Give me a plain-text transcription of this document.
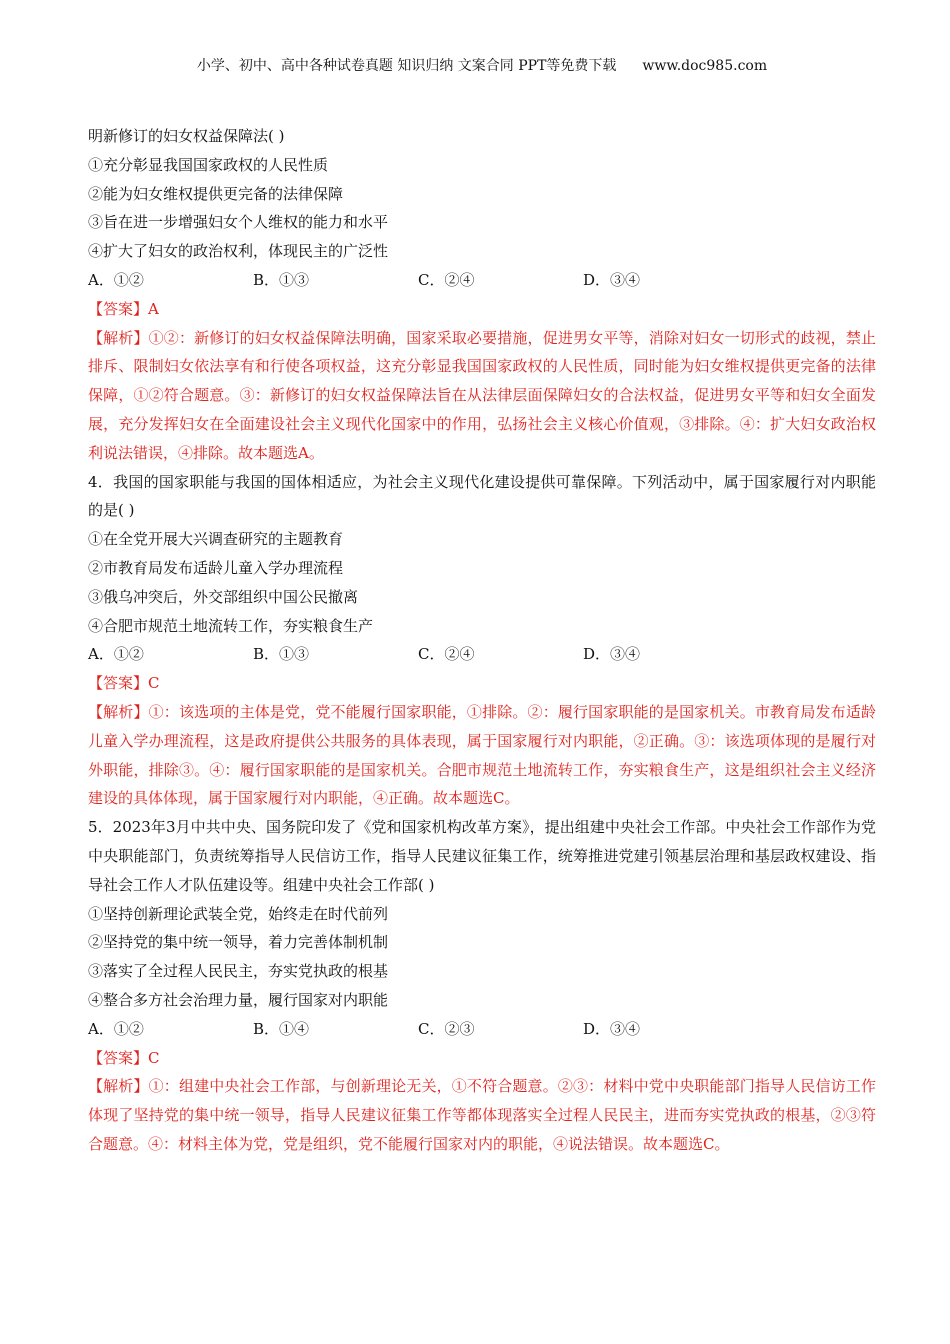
小学、初中、高中各种试卷真题 知识归纳 文案合同 PPT等免费下载 www.doc985.com

明新修订的妇女权益保障法( )

①充分彰显我国国家政权的人民性质

②能为妇女维权提供更完备的法律保障

③旨在进一步增强妇女个人维权的能力和水平

④扩大了妇女的政治权利，体现民主的广泛性

A．①②	B．①③	C．②④	D．③④

【答案】A

【解析】①②：新修订的妇女权益保障法明确，国家采取必要措施，促进男女平等，消除对妇女一切形式的歧视，禁止排斥、限制妇女依法享有和行使各项权益，这充分彰显我国国家政权的人民性质，同时能为妇女维权提供更完备的法律保障，①②符合题意。③：新修订的妇女权益保障法旨在从法律层面保障妇女的合法权益，促进男女平等和妇女全面发展，充分发挥妇女在全面建设社会主义现代化国家中的作用，弘扬社会主义核心价值观，③排除。④：扩大妇女政治权利说法错误，④排除。故本题选A。

4．我国的国家职能与我国的国体相适应，为社会主义现代化建设提供可靠保障。下列活动中，属于国家履行对内职能的是( )

①在全党开展大兴调查研究的主题教育

②市教育局发布适龄儿童入学办理流程

③俄乌冲突后，外交部组织中国公民撤离

④合肥市规范土地流转工作，夯实粮食生产

A．①②	B．①③	C．②④	D．③④

【答案】C

【解析】①：该选项的主体是党，党不能履行国家职能，①排除。②：履行国家职能的是国家机关。市教育局发布适龄儿童入学办理流程，这是政府提供公共服务的具体表现，属于国家履行对内职能，②正确。③：该选项体现的是履行对外职能，排除③。④：履行国家职能的是国家机关。合肥市规范土地流转工作，夯实粮食生产，这是组织社会主义经济建设的具体体现，属于国家履行对内职能，④正确。故本题选C。

5．2023年3月中共中央、国务院印发了《党和国家机构改革方案》，提出组建中央社会工作部。中央社会工作部作为党中央职能部门，负责统筹指导人民信访工作，指导人民建议征集工作，统筹推进党建引领基层治理和基层政权建设、指导社会工作人才队伍建设等。组建中央社会工作部( )

①坚持创新理论武装全党，始终走在时代前列

②坚持党的集中统一领导，着力完善体制机制

③落实了全过程人民民主，夯实党执政的根基

④整合多方社会治理力量，履行国家对内职能

A．①②	B．①④	C．②③	D．③④

【答案】C

【解析】①：组建中央社会工作部，与创新理论无关，①不符合题意。②③：材料中党中央职能部门指导人民信访工作体现了坚持党的集中统一领导，指导人民建议征集工作等都体现落实全过程人民民主，进而夯实党执政的根基，②③符合题意。④：材料主体为党，党是组织，党不能履行国家对内的职能，④说法错误。故本题选C。
